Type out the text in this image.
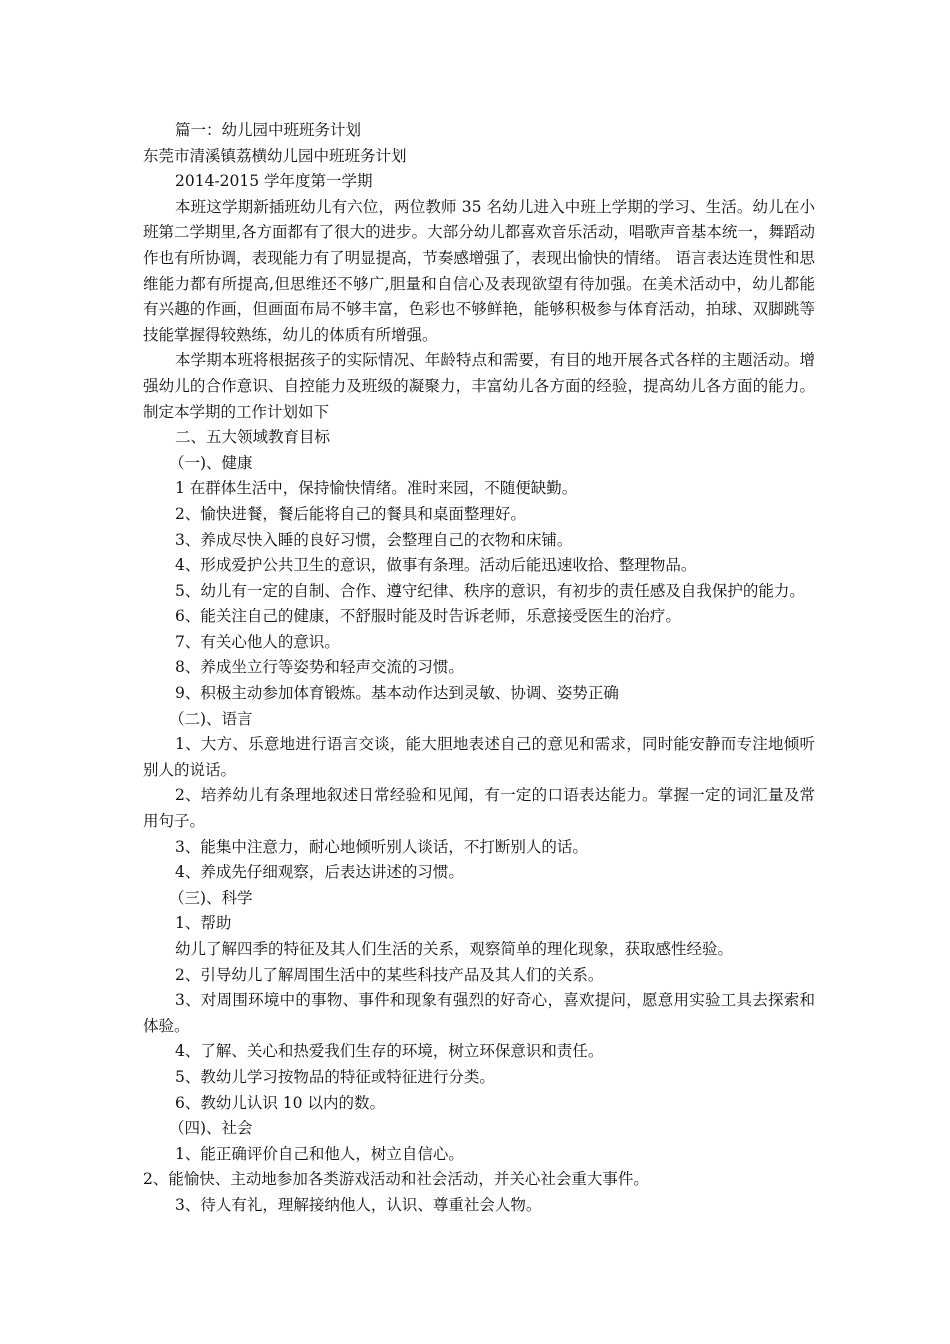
篇一：幼儿园中班班务计划

东莞市清溪镇荔横幼儿园中班班务计划

2014-2015 学年度第一学期

本班这学期新插班幼儿有六位，两位教师 35 名幼儿进入中班上学期的学习、生活。幼儿在小班第二学期里,各方面都有了很大的进步。大部分幼儿都喜欢音乐活动，唱歌声音基本统一，舞蹈动作也有所协调，表现能力有了明显提高，节奏感增强了，表现出愉快的情绪。 语言表达连贯性和思维能力都有所提高,但思维还不够广,胆量和自信心及表现欲望有待加强。在美术活动中，幼儿都能有兴趣的作画，但画面布局不够丰富，色彩也不够鲜艳，能够积极参与体育活动，拍球、双脚跳等技能掌握得较熟练，幼儿的体质有所增强。

本学期本班将根据孩子的实际情况、年龄特点和需要，有目的地开展各式各样的主题活动。增强幼儿的合作意识、自控能力及班级的凝聚力，丰富幼儿各方面的经验，提高幼儿各方面的能力。制定本学期的工作计划如下

二、五大领域教育目标

（一)、健康

1 在群体生活中，保持愉快情绪。准时来园，不随便缺勤。

2、愉快进餐，餐后能将自己的餐具和桌面整理好。

3、养成尽快入睡的良好习惯，会整理自己的衣物和床铺。

4、形成爱护公共卫生的意识，做事有条理。活动后能迅速收拾、整理物品。

5、幼儿有一定的自制、合作、遵守纪律、秩序的意识，有初步的责任感及自我保护的能力。

6、能关注自己的健康，不舒服时能及时告诉老师，乐意接受医生的治疗。

7、有关心他人的意识。

8、养成坐立行等姿势和轻声交流的习惯。

9、积极主动参加体育锻炼。基本动作达到灵敏、协调、姿势正确

（二)、语言

1、大方、乐意地进行语言交谈，能大胆地表述自己的意见和需求，同时能安静而专注地倾听别人的说话。

2、培养幼儿有条理地叙述日常经验和见闻，有一定的口语表达能力。掌握一定的词汇量及常用句子。

3、能集中注意力，耐心地倾听别人谈话，不打断别人的话。

4、养成先仔细观察，后表达讲述的习惯。

（三)、科学

1、帮助

幼儿了解四季的特征及其人们生活的关系，观察简单的理化现象，获取感性经验。

2、引导幼儿了解周围生活中的某些科技产品及其人们的关系。

3、对周围环境中的事物、事件和现象有强烈的好奇心，喜欢提问，愿意用实验工具去探索和体验。

4、了解、关心和热爱我们生存的环境，树立环保意识和责任。

5、教幼儿学习按物品的特征或特征进行分类。

6、教幼儿认识 10 以内的数。

（四)、社会

1、能正确评价自己和他人，树立自信心。

2、能愉快、主动地参加各类游戏活动和社会活动，并关心社会重大事件。

3、待人有礼，理解接纳他人，认识、尊重社会人物。
